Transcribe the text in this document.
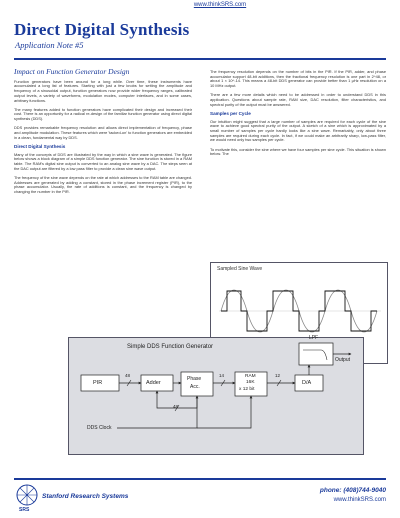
www.thinkSRS.com
Direct Digital Synthesis
Application Note #5

Impact on Function Generator Design

Function generators have been around for a long while. Over time, these instruments have accumulated a long list of features. Starting with just a few knobs for setting the amplitude and frequency of a sinusoidal output, function generators now provide wider frequency ranges, calibrated output levels, a variety of waveforms, modulation modes, computer interfaces, and in some cases, arbitrary functions.

The many features added to function generators have complicated their design and increased their cost. There is an opportunity for a radical re-design of the familiar function generator using direct digital synthesis (DDS).

DDS provides remarkable frequency resolution and allows direct implementation of frequency, phase and amplitude modulation. These features which were 'tacked-on' to function generators are embedded in a clean, fundamental way by DDS.

Direct Digital Synthesis

Many of the concepts of DDS are illustrated by the way in which a sine wave is generated. The figure below shows a block diagram of a simple DDS function generator. The sine function is stored in a RAM table. The RAM's digital sine output is converted to an analog sine wave by a DAC. The steps seen at the DAC output are filtered by a low pass filter to provide a clean sine wave output.

The frequency of the sine wave depends on the rate at which addresses to the RAM table are changed. Addresses are generated by adding a constant, stored in the phase increment register (PIR), to the phase accumulator. Usually, the rate of additions is constant, and the frequency is changed by changing the number in the PIR.

The frequency resolution depends on the number of bits in the PIR. If the PIR, adder, and phase accumulator support 48-bit additions, then the fractional frequency resolution is one part in 2^48, or about 1 × 10^-14. This means a 48-bit DDS generator can provide better than 1 µHz resolution on a 10 MHz output.

There are a few more details which need to be addressed in order to understand DDS in this application. Questions about sample rate, RAM size, DAC resolution, filter characteristics, and spectral purity of the output must be answered.

Samples per Cycle

Our intuition might suggest that a large number of samples are required for each cycle of the sine wave to achieve good spectral purity of the output. A sketch of a sine which is approximated by a small number of samples per cycle hardly looks like a sine wave. Remarkably, only about three samples are required during each cycle. In fact, if we could make an arbitrarily sharp, low-pass filter, we would need only two samples per cycle.

To motivate this, consider the sine where we have four samples per sine cycle. This situation is shown below. The

Sampled Sine Wave
Simple DDS Function Generator
PIR	Adder
Phase
Acc.
RAM
16K
x 12 bit
D/A
LPF
Output
DDS Clock
48
48
14	12
SRS
Stanford Research Systems
phone: (408)744-9040
www.thinkSRS.com
